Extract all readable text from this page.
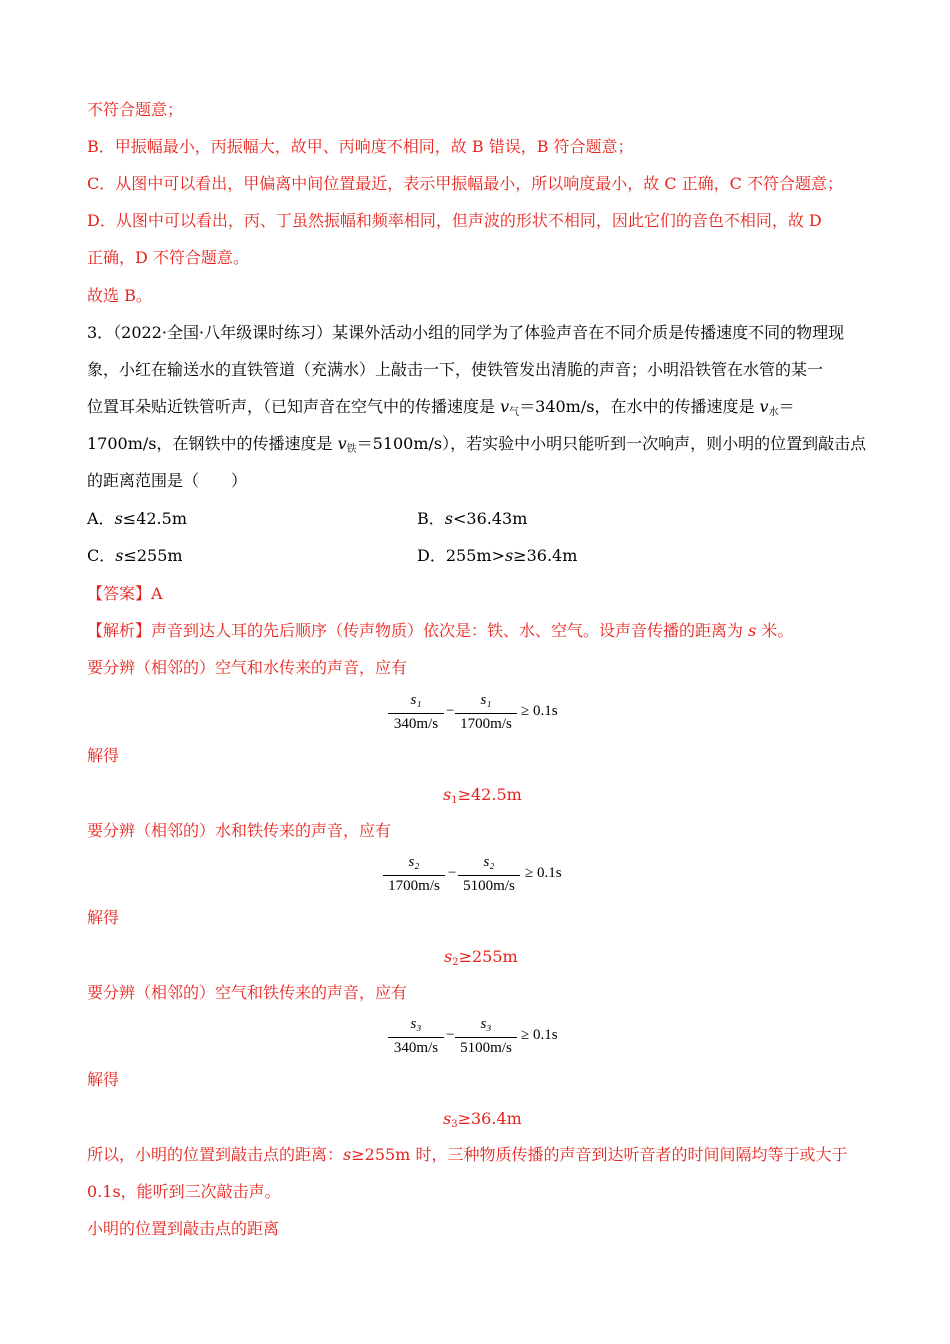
不符合题意；
B．甲振幅最小，丙振幅大，故甲、丙响度不相同，故 B 错误，B 符合题意；
C．从图中可以看出，甲偏离中间位置最近，表示甲振幅最小，所以响度最小，故 C 正确，C 不符合题意；
D．从图中可以看出，丙、丁虽然振幅和频率相同，但声波的形状不相同，因此它们的音色不相同，故 D
正确，D 不符合题意。
故选 B。
3．（2022·全国·八年级课时练习）某课外活动小组的同学为了体验声音在不同介质是传播速度不同的物理现
象，小红在输送水的直铁管道（充满水）上敲击一下，使铁管发出清脆的声音；小明沿铁管在水管的某一
位置耳朵贴近铁管听声，（已知声音在空气中的传播速度是 $v_气=340m/s$，在水中的传播速度是 $v_水=$
1700m/s，在钢铁中的传播速度是 $v_铁=5100m/s$），若实验中小明只能听到一次响声，则小明的位置到敲击点
的距离范围是（　　）
A．s≤42.5m	B．s<36.43m
C．s≤255m	D．255m>s≥36.4m
【答案】A
【解析】声音到达人耳的先后顺序（传声物质）依次是：铁、水、空气。设声音传播的距离为 s 米。
要分辨（相邻的）空气和水传来的声音，应有
s₁
340m/s
−
s₁
1700m/s
≥ 0.1s
解得
$s_1\ge 42.5m$
要分辨（相邻的）水和铁传来的声音，应有
s₂
1700m/s
−
s₂
5100m/s
≥ 0.1s
解得
$s_2\ge 255m$
要分辨（相邻的）空气和铁传来的声音，应有
s₃
340m/s
−
s₃
5100m/s
≥ 0.1s
解得
$s_3\ge 36.4m$
所以，小明的位置到敲击点的距离：s≥255m 时，三种物质传播的声音到达听音者的时间间隔均等于或大于
0.1s，能听到三次敲击声。
小明的位置到敲击点的距离
